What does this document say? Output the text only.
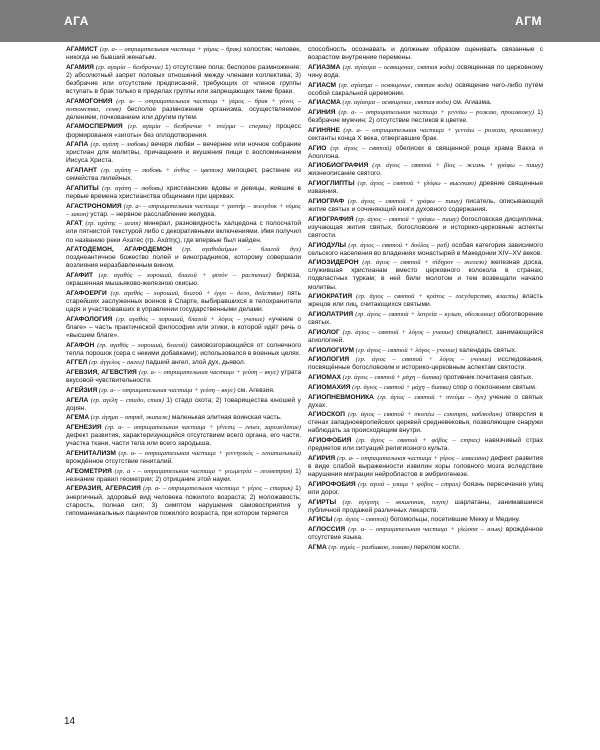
АГА	АГМ

АГАМИСТ (гр. а- – отрицательная частица + γάμος – брак) холостяк; человек, никогда не бывший женатым.

АГАМИЯ (гр. αγαμία – безбрачие) 1) отсутствие пола; бесполое размножение; 2) абсолютный запрет половых отношений между членами коллектива; 3) безбрачие или отсутствие предписаний, требующих от членов группы вступать в брак только в пределах группы или запрещающих такие браки.

АГАМОГОНИЯ (гр. а- – отрицательная частица + γάμος – брак + γόνος – потомство, семя) бесполое размножение организма, осуществляемое делением, почкованием или другим путем.

АГАМОСПЕРМИЯ (гр. αγαμία – безбрачие + σπέρμα – сперма) процесс формирования «зиготы» без оплодотворения.

АГАПА (гр. αγάπη – любовь) вечеря любви – вечернее или ночное собрание христиан для молитвы, причащения и вкушения пищи с воспоминанием Иисуса Христа.

АГАПАНТ (гр. αγάπη – любовь + άνθος – цветок) милоцвет, растение из семейства лилейных.

АГАПИТЫ (гр. αγάπη – любовь) христианские вдовы и девицы, жившие в первые времена христианства общинами при церквах.

АГАСТРОНОМИЯ (гр. а- – отрицательная частица + γαστήρ – желудок + νόμος – закон) устар. – нервное расслабление желудка.

АГАТ (гр. αχάτης – агат) минерал, разновидность халцедона с полосчатой или пятнистой текстурой либо с декоративными включениями. Имя получил по названию реки Ахатес (гр. Ахάτης), где впервые был найден.

АГАТОДЕМОН, АГАФОДЕМОН (гр. αγαθοδαίμων – благой дух) позднеантичное божество полей и виноградников, которому совершали возлияния неразбавленным вином.

АГАФИТ (гр. αγαθός – хороший, благой + φυτόν – растение) бирюза, окрашенная мышьяково-железною окисью.

АГАФОЕРГИ (гр. αγαθός – хороший, благой + έργο – дело, действие) пять старейших заслуженных воинов в Спарте, выбиравшихся в телохранители царя и участвовавших в управлении государственными делами.

АГАФОЛОГИЯ (гр. αγαθός – хороший, благой + λόγος – учение) «учение о благе» – часть практической философии или этики, в которой идёт речь о «высшем благе».

АГАФОН (гр. αγαθός – хороший, благой) самовозгорающийся от солнечного тепла порошок (сера с некими добавками); использовался в военных целях.

АГГЕЛ (гр. άγγελος – ангел) падший ангел, злой дух, дьявол.

АГЕВЗИЯ, АГЕВСТИЯ (гр. а- – отрицательная частица + γεύση – вкус) утрата вкусовой чувствительности.

АГЕЙЗИЯ (гр. а- – отрицательная частица + γεύση – вкус) см. Агевзия.

АГЕЛА (гр. αγέλη – стадо, стая) 1) стадо скота; 2) товарищества юношей у дорян.

АГЕМА (гр. άγημα – отряд, экипаж) маленькая элитная воинская часть.

АГЕНЕЗИЯ (гр. а- – отрицательная частица + γένεσις – генез, зарождение) дефект развития, характеризующийся отсутствием всего органа, его части, участка ткани, части тела или всего зародыша.

АГЕНИТАЛИЗМ (гр. а- – отрицательная частица + γεννητικός – генитальный) врождённое отсутствие гениталий.

АГЕОМЕТРИЯ (гр. а - – отрицательная частица + γεωμετρία – геометрия) 1) незнание правил геометрии; 2) отрицание этой науки.

АГЕРАЗИЯ, АГЕРАСИЯ (гр. а- – отрицательная частица + γέρος – старик) 1) энергичный, здоровый вид человека пожилого возраста; 2) моложавость; старость, полная сил; 3) симптом нарушения самовосприятия у гипоманиакальных пациентов пожилого возраста, при котором теряется

способность осознавать и должным образом оценивать связанные с возрастом внутренние перемены.

АГИАЗМА (гр. αγίασμα – освящение, святая вода) освященная по церковному чину вода.

АГИАСМ (гр. αγίασμα – освящение, святая вода) освящение чего-либо путём особой сакральной церемонии.

АГИАСМА (гр. αγίασμα – освящение, святая вода) см. Агиазма.

АГИНИЯ (гр. а- – отрицательная частица + γεννάω – рожаю, произвожу) 1) безбрачие мужчин; 2) отсутствие пестиков в цветке.

АГИНЯНЕ (гр. а- – отрицательная частица + γεννάω – рожаю, произвожу) сектанты конца X века, отвергавшие брак.

АГИО (гр. άγιος – святой) обелиски в священной роще храма Вакха и Аполлона.

АГИОБИОГРАФИЯ (гр. άγιος – святой + βίος – жизнь + γράφω – пишу) жизнеописание святого.

АГИОГЛИПТЫ (гр. άγιος – святой + γλύφω – высекаю) древние священные изваяния.

АГИОГРАФ (гр. άγιος – святой + γράφω – пишу) писатель, описывающий житие святых и сочиняющий книги духовного содержания.

АГИОГРАФИЯ (гр. άγιος – святой + γράφω – пишу) богословская дисциплина, изучающая жития святых, богословские и историко-церковные аспекты святости.

АГИОДУЛЫ (гр. άγιος – святой + δούλος – раб) особая категория зависимого сельского населения во владениях монастырей в Македонии XIV–XV веков.

АГИОЗИДЕРОН (гр. άγιος – святой + σίδηρον – железо) железная доска, служившая христианам вместо церковного колокола в странах, подвластных туркам; в ней били молотом и тем возвещали начало молитвы.

АГИОКРАТИЯ (гр. άγιος – святой + κράτος – государство, власть) власть жрецов или лиц, считающихся святыми.

АГИОЛАТРИЯ (гр. άγιος – святой + λατρεία – культ, обожание) обоготворение святых.

АГИОЛОГ (гр. άγιος – святой + λόγος – учение) специалист, занимающийся агиологией.

АГИОЛОГИУМ (гр. άγιος – святой + λόγος – учение) календарь святых.

АГИОЛОГИЯ (гр. άγιος – святой + λόγος – учение) исследования, посвящённые богословским и историко-церковным аспектам святости.

АГИОМАХ (гр. άγιος – святой + μάχη – битва) противник почитания святых.

АГИОМАХИЯ (гр. άγιος – святой + μάχη – битва) спор о поклонении святым.

АГИОПНЕВМОНИКА (гр. άγιος – святой + πνεύμα – дух) учение о святых духах.

АГИОСКОП (гр. άγιος – святой + σκοπέω – смотрю, наблюдаю) отверстия в стенах западноевропейских церквей средневековья, позволяющие снаружи наблюдать за происходящим внутри.

АГИОФОБИЯ (гр. άγιος – святой + φόβος – страх) навязчивый страх предметов или ситуаций религиозного культа.

АГИРИЯ (гр. а- – отрицательная частица + γύρος – извилина) дефект развития в виде слабой выраженности извилин коры головного мозга вследствие нарушения миграции нейробластов в эмбриогенезе.

АГИРОФОБИЯ (гр. αγυιά – улица + φόβος – страх) боязнь пересечения улиц или дорог.

АГИРТЫ (гр. αγύρτης – мошенник, плут) шарлатаны, занимавшиеся публичной продажей различных лекарств.

АГИСЫ (гр. άγιος – святой) богомольцы, посетившие Мекку и Медину.

АГЛОССИЯ (гр. а- – отрицательная частица + γλώσσα – язык) врождённое отсутствие языка.

АГМА (гр. αγμός – разбиваю, ломаю) перелом кости.

14
